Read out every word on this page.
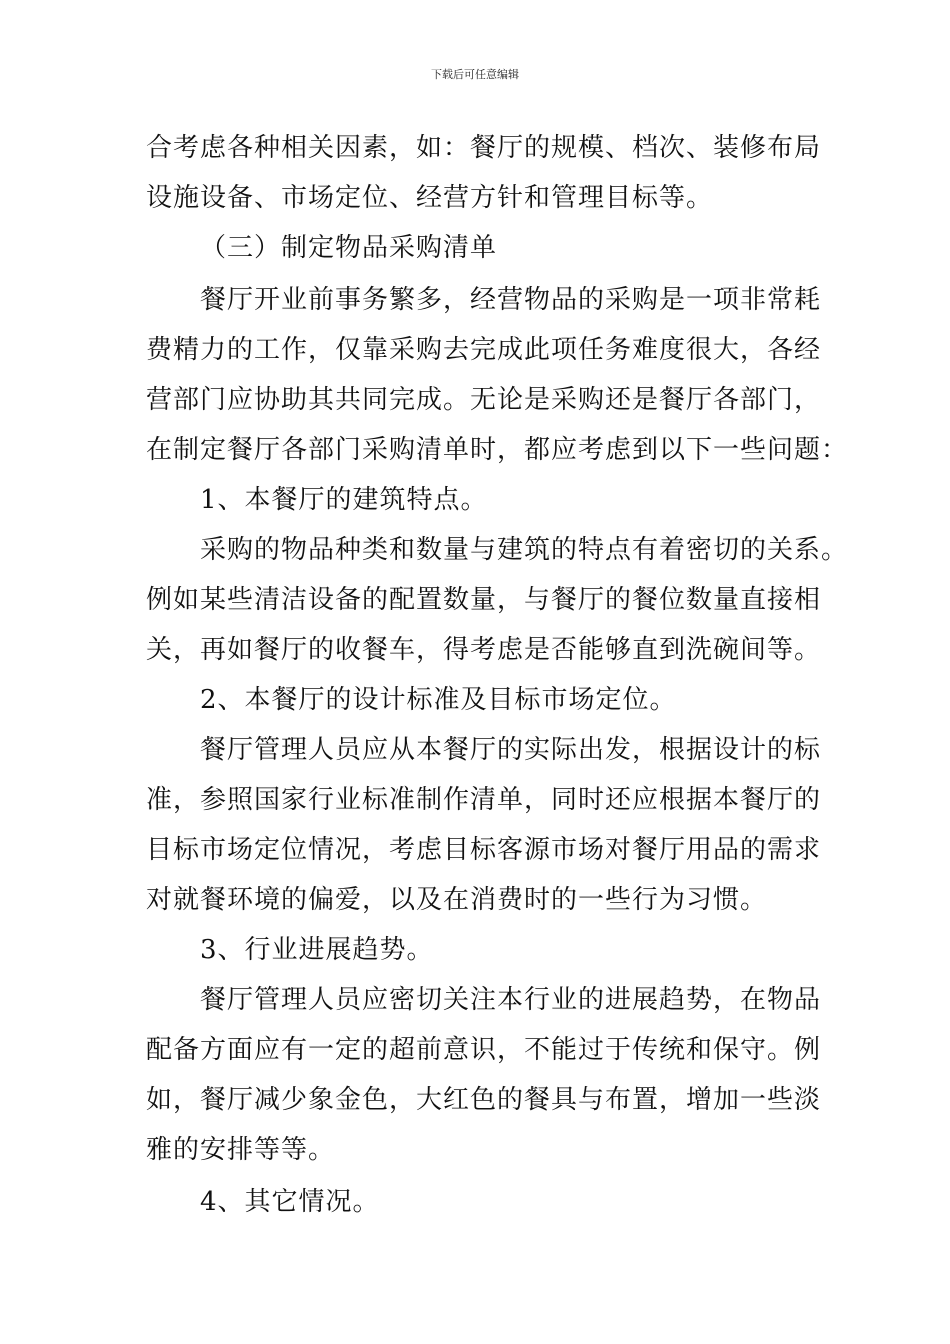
下载后可任意编辑
合考虑各种相关因素，如：餐厅的规模、档次、装修布局
设施设备、市场定位、经营方针和管理目标等。
（三）制定物品采购清单
餐厅开业前事务繁多，经营物品的采购是一项非常耗
费精力的工作，仅靠采购去完成此项任务难度很大，各经
营部门应协助其共同完成。无论是采购还是餐厅各部门，
在制定餐厅各部门采购清单时，都应考虑到以下一些问题：
1、本餐厅的建筑特点。
采购的物品种类和数量与建筑的特点有着密切的关系。
例如某些清洁设备的配置数量，与餐厅的餐位数量直接相
关，再如餐厅的收餐车，得考虑是否能够直到洗碗间等。
2、本餐厅的设计标准及目标市场定位。
餐厅管理人员应从本餐厅的实际出发，根据设计的标
准，参照国家行业标准制作清单，同时还应根据本餐厅的
目标市场定位情况，考虑目标客源市场对餐厅用品的需求
对就餐环境的偏爱，以及在消费时的一些行为习惯。
3、行业进展趋势。
餐厅管理人员应密切关注本行业的进展趋势，在物品
配备方面应有一定的超前意识，不能过于传统和保守。例
如，餐厅减少象金色，大红色的餐具与布置，增加一些淡
雅的安排等等。
4、其它情况。
